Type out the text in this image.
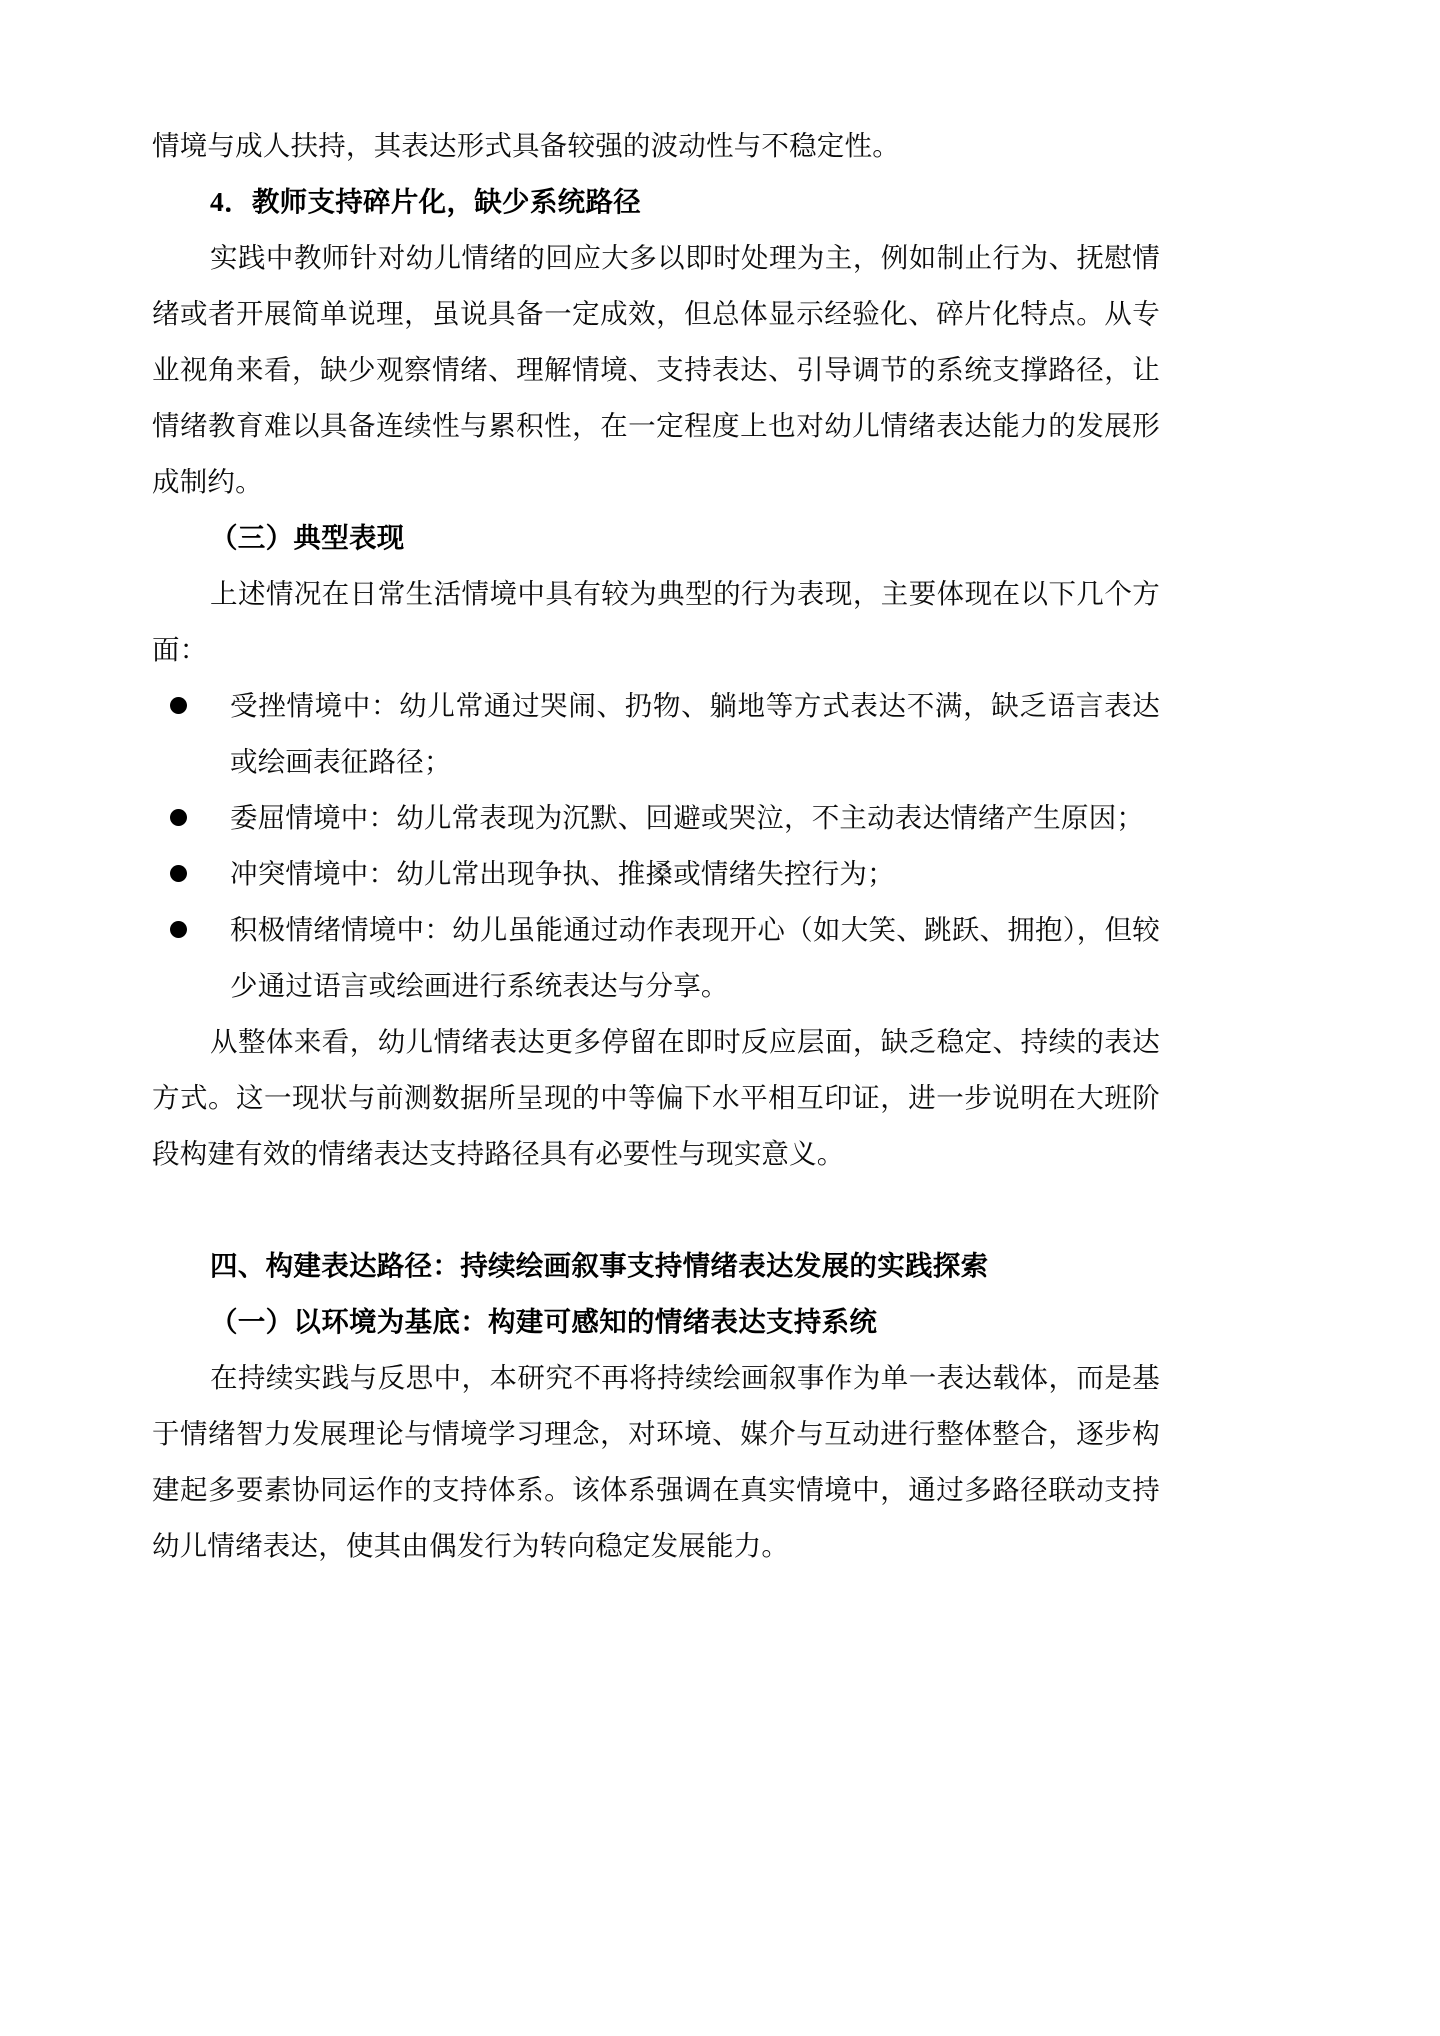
情境与成人扶持，其表达形式具备较强的波动性与不稳定性。

4．教师支持碎片化，缺少系统路径

实践中教师针对幼儿情绪的回应大多以即时处理为主，例如制止行为、抚慰情绪或者开展简单说理，虽说具备一定成效，但总体显示经验化、碎片化特点。从专业视角来看，缺少观察情绪、理解情境、支持表达、引导调节的系统支撑路径，让情绪教育难以具备连续性与累积性，在一定程度上也对幼儿情绪表达能力的发展形成制约。

（三）典型表现

上述情况在日常生活情境中具有较为典型的行为表现，主要体现在以下几个方面：

受挫情境中：幼儿常通过哭闹、扔物、躺地等方式表达不满，缺乏语言表达或绘画表征路径；
委屈情境中：幼儿常表现为沉默、回避或哭泣，不主动表达情绪产生原因；
冲突情境中：幼儿常出现争执、推搡或情绪失控行为；
积极情绪情境中：幼儿虽能通过动作表现开心（如大笑、跳跃、拥抱），但较少通过语言或绘画进行系统表达与分享。

从整体来看，幼儿情绪表达更多停留在即时反应层面，缺乏稳定、持续的表达方式。这一现状与前测数据所呈现的中等偏下水平相互印证，进一步说明在大班阶段构建有效的情绪表达支持路径具有必要性与现实意义。

四、构建表达路径：持续绘画叙事支持情绪表达发展的实践探索
（一）以环境为基底：构建可感知的情绪表达支持系统

在持续实践与反思中，本研究不再将持续绘画叙事作为单一表达载体，而是基于情绪智力发展理论与情境学习理念，对环境、媒介与互动进行整体整合，逐步构建起多要素协同运作的支持体系。该体系强调在真实情境中，通过多路径联动支持幼儿情绪表达，使其由偶发行为转向稳定发展能力。
